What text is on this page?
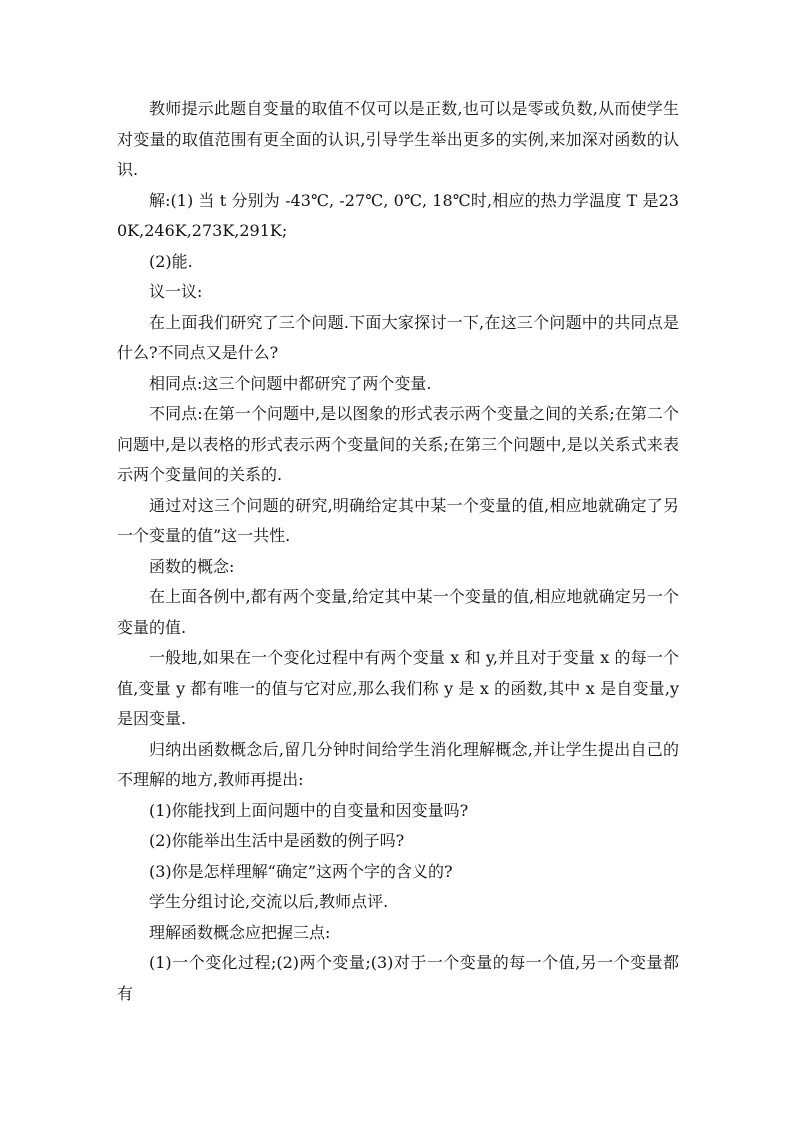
教师提示此题自变量的取值不仅可以是正数,也可以是零或负数,从而使学生对变量的取值范围有更全面的认识,引导学生举出更多的实例,来加深对函数的认识.

解:(1) 当 t 分别为 -43℃, -27℃, 0℃, 18℃时,相应的热力学温度 T 是230K,246K,273K,291K;

(2)能.

议一议:

在上面我们研究了三个问题.下面大家探讨一下,在这三个问题中的共同点是什么?不同点又是什么?

相同点:这三个问题中都研究了两个变量.

不同点:在第一个问题中,是以图象的形式表示两个变量之间的关系;在第二个问题中,是以表格的形式表示两个变量间的关系;在第三个问题中,是以关系式来表示两个变量间的关系的.

通过对这三个问题的研究,明确给定其中某一个变量的值,相应地就确定了另一个变量的值”这一共性.

函数的概念:

在上面各例中,都有两个变量,给定其中某一个变量的值,相应地就确定另一个变量的值.

一般地,如果在一个变化过程中有两个变量 x 和 y,并且对于变量 x 的每一个值,变量 y 都有唯一的值与它对应,那么我们称 y 是 x 的函数,其中 x 是自变量,y 是因变量.

归纳出函数概念后,留几分钟时间给学生消化理解概念,并让学生提出自己的不理解的地方,教师再提出:

(1)你能找到上面问题中的自变量和因变量吗?

(2)你能举出生活中是函数的例子吗?

(3)你是怎样理解“确定”这两个字的含义的?

学生分组讨论,交流以后,教师点评.

理解函数概念应把握三点:

(1)一个变化过程;(2)两个变量;(3)对于一个变量的每一个值,另一个变量都有
